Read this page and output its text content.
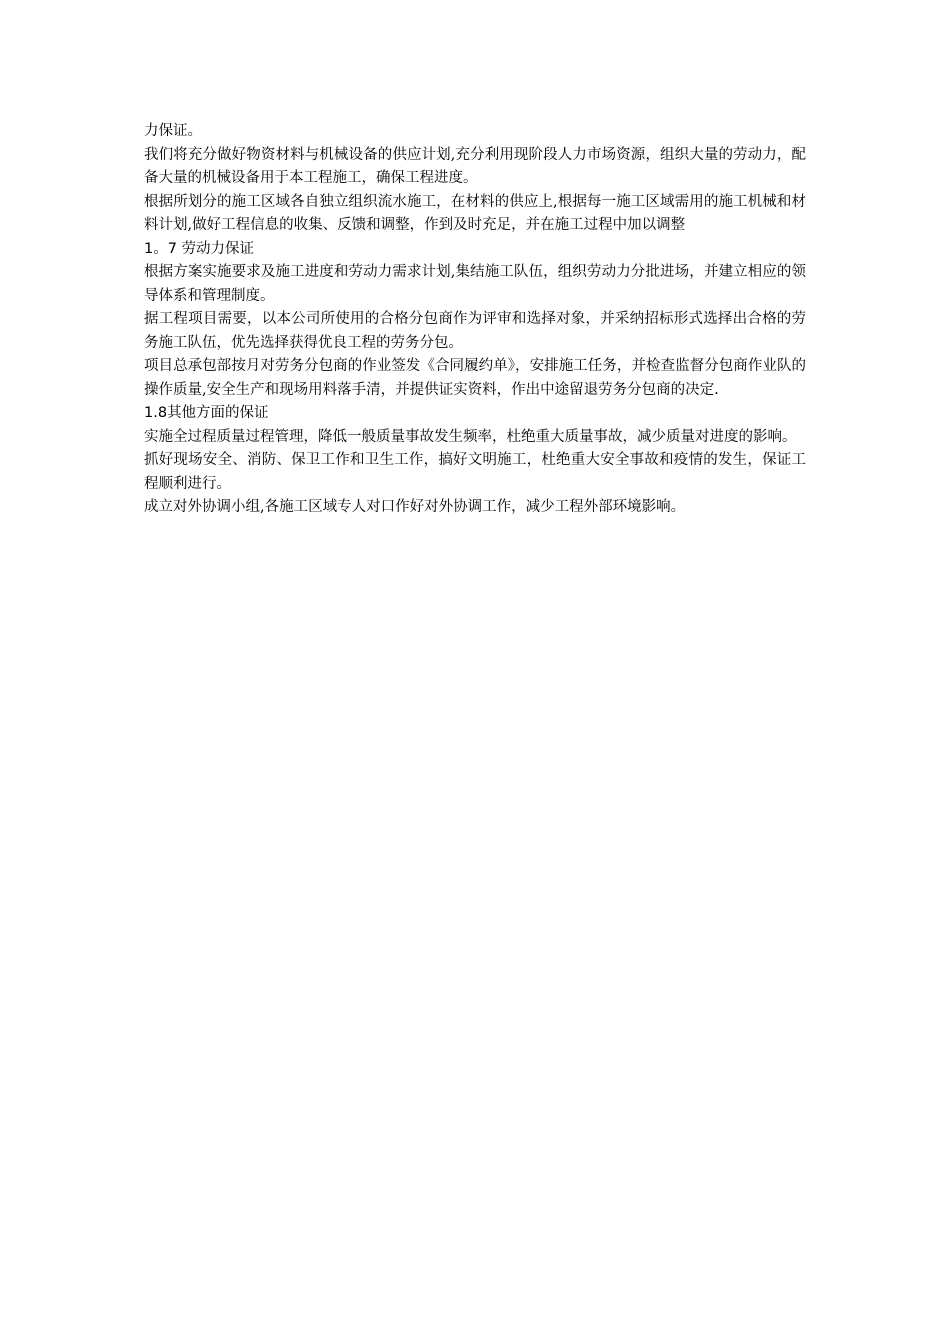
力保证。

我们将充分做好物资材料与机械设备的供应计划,充分利用现阶段人力市场资源，组织大量的劳动力，配备大量的机械设备用于本工程施工，确保工程进度。

根据所划分的施工区域各自独立组织流水施工，在材料的供应上,根据每一施工区域需用的施工机械和材料计划,做好工程信息的收集、反馈和调整，作到及时充足，并在施工过程中加以调整

1。7 劳动力保证

根据方案实施要求及施工进度和劳动力需求计划,集结施工队伍，组织劳动力分批进场，并建立相应的领导体系和管理制度。

据工程项目需要，以本公司所使用的合格分包商作为评审和选择对象，并采纳招标形式选择出合格的劳务施工队伍，优先选择获得优良工程的劳务分包。

项目总承包部按月对劳务分包商的作业签发《合同履约单》，安排施工任务，并检查监督分包商作业队的操作质量,安全生产和现场用料落手清，并提供证实资料，作出中途留退劳务分包商的决定.

1.8其他方面的保证

实施全过程质量过程管理，降低一般质量事故发生频率，杜绝重大质量事故，减少质量对进度的影响。

抓好现场安全、消防、保卫工作和卫生工作，搞好文明施工，杜绝重大安全事故和疫情的发生，保证工程顺利进行。

成立对外协调小组,各施工区域专人对口作好对外协调工作，减少工程外部环境影响。
